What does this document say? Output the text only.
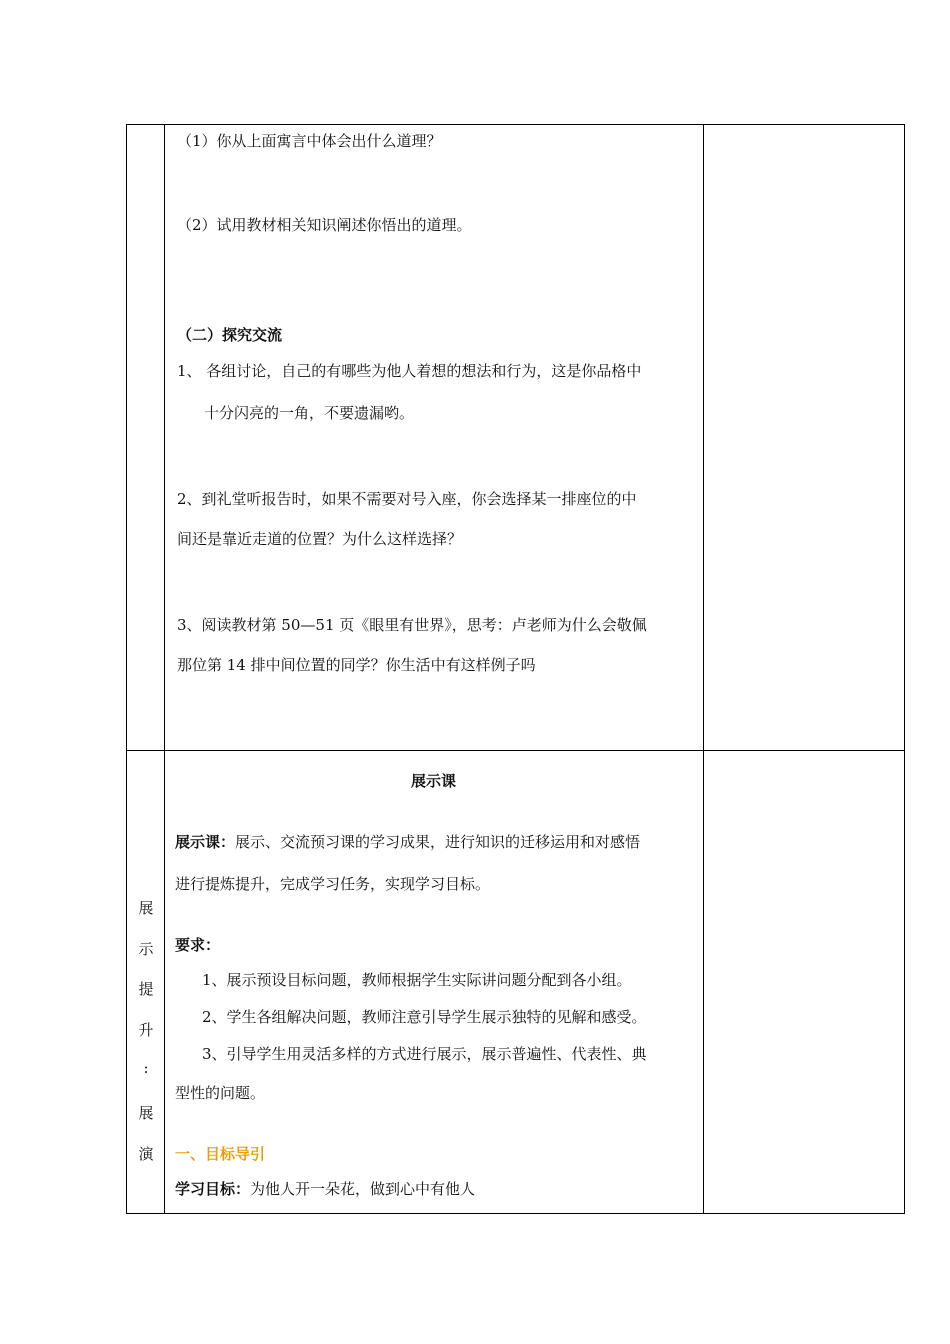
（1）你从上面寓言中体会出什么道理？
（2）试用教材相关知识阐述你悟出的道理。
（二）探究交流
1、 各组讨论，自己的有哪些为他人着想的想法和行为，这是你品格中
十分闪亮的一角，不要遗漏哟。
2、到礼堂听报告时，如果不需要对号入座，你会选择某一排座位的中
间还是靠近走道的位置？为什么这样选择？
3、阅读教材第 50—51 页《眼里有世界》，思考：卢老师为什么会敬佩
那位第 14 排中间位置的同学？你生活中有这样例子吗
展
示
提
升
:
展
演
展示课
展示课：展示、交流预习课的学习成果，进行知识的迁移运用和对感悟
进行提炼提升，完成学习任务，实现学习目标。
要求：
1、展示预设目标问题，教师根据学生实际讲问题分配到各小组。
2、学生各组解决问题，教师注意引导学生展示独特的见解和感受。
3、引导学生用灵活多样的方式进行展示，展示普遍性、代表性、典
型性的问题。
一、目标导引
学习目标：为他人开一朵花，做到心中有他人
